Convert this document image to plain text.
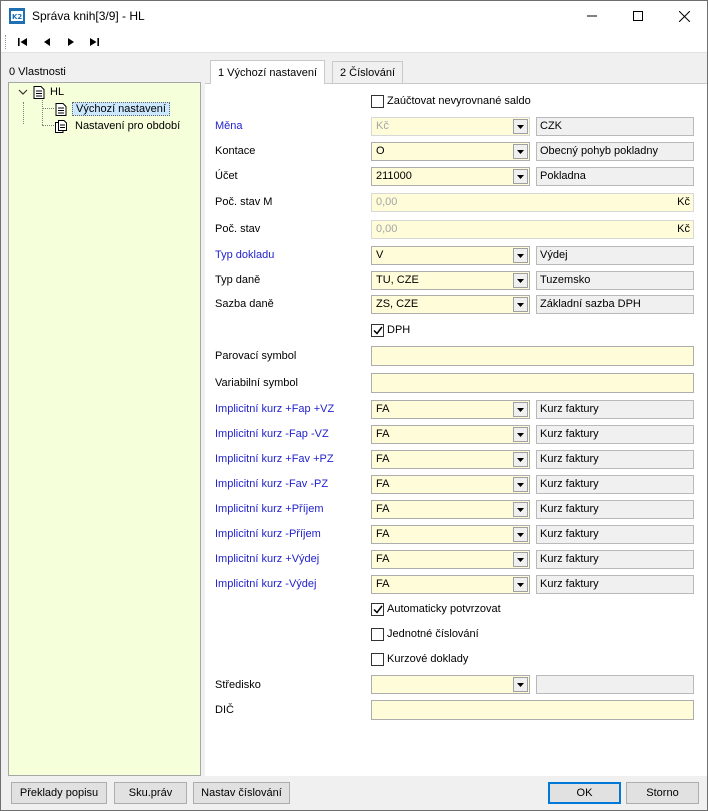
K2 Správa knih[3/9] - HL
0 Vlastnosti
HL
Výchozí nastavení
Nastavení pro období
1 Výchozí nastavení 2 Číslování
Zaúčtovat nevyrovnané saldo
Měna	Kč	CZK
Kontace	O	Obecný pohyb pokladny
Účet	211000	Pokladna
Poč. stav M	0,00	Kč
Poč. stav	0,00	Kč
Typ dokladu	V	Výdej
Typ daně	TU, CZE	Tuzemsko
Sazba daně	ZS, CZE	Základní sazba DPH
DPH
Parovací symbol
Variabilní symbol
Implicitní kurz +Fap +VZ	FA	Kurz faktury
Implicitní kurz -Fap -VZ	FA	Kurz faktury
Implicitní kurz +Fav +PZ	FA	Kurz faktury
Implicitní kurz -Fav -PZ	FA	Kurz faktury
Implicitní kurz +Příjem	FA	Kurz faktury
Implicitní kurz -Příjem	FA	Kurz faktury
Implicitní kurz +Výdej	FA	Kurz faktury
Implicitní kurz -Výdej	FA	Kurz faktury
Automaticky potvrzovat
Jednotné číslování
Kurzové doklady
Středisko
DIČ
Překlady popisu	Sku.práv	Nastav číslování	OK	Storno
